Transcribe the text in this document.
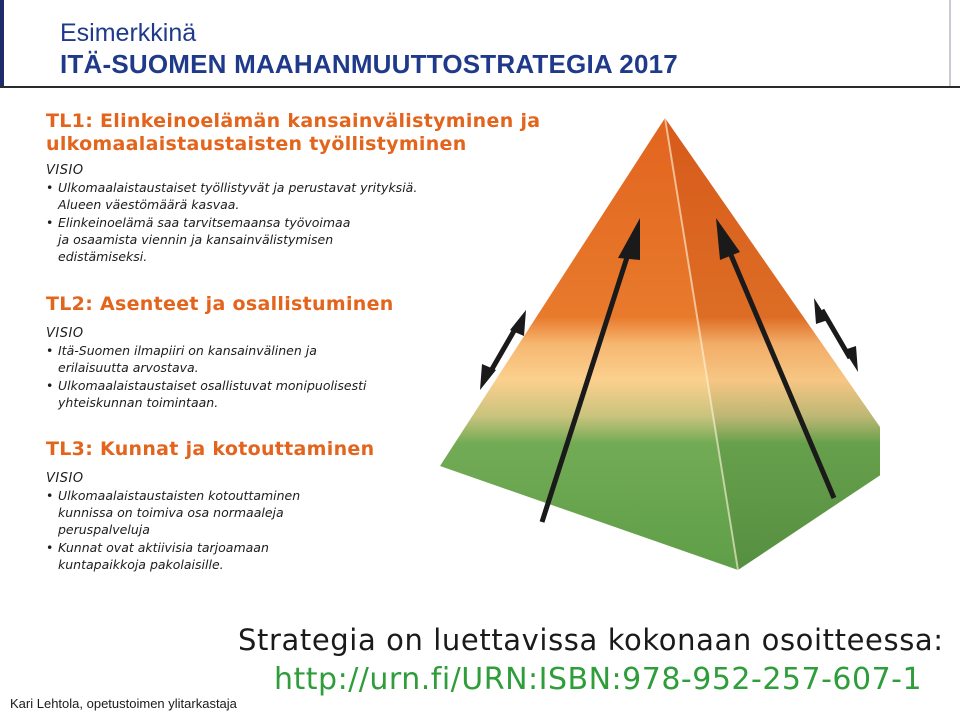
Esimerkkinä
ITÄ-SUOMEN MAAHANMUUTTOSTRATEGIA 2017
TL1: Elinkeinoelämän kansainvälistyminen ja
ulkomaalaistaustaisten työllistyminen
VISIO
• Ulkomaalaistaustaiset työllistyvät ja perustavat yrityksiä.
Alueen väestömäärä kasvaa.
• Elinkeinoelämä saa tarvitsemaansa työvoimaa
ja osaamista viennin ja kansainvälistymisen
edistämiseksi.
TL2: Asenteet ja osallistuminen
VISIO
• Itä-Suomen ilmapiiri on kansainvälinen ja
erilaisuutta arvostava.
• Ulkomaalaistaustaiset osallistuvat monipuolisesti
yhteiskunnan toimintaan.
TL3: Kunnat ja kotouttaminen
VISIO
• Ulkomaalaistaustaisten kotouttaminen
kunnissa on toimiva osa normaaleja
peruspalveluja
• Kunnat ovat aktiivisia tarjoamaan
kuntapaikkoja pakolaisille.
Strategia on luettavissa kokonaan osoitteessa:
http://urn.fi/URN:ISBN:978-952-257-607-1
Kari Lehtola, opetustoimen ylitarkastaja
